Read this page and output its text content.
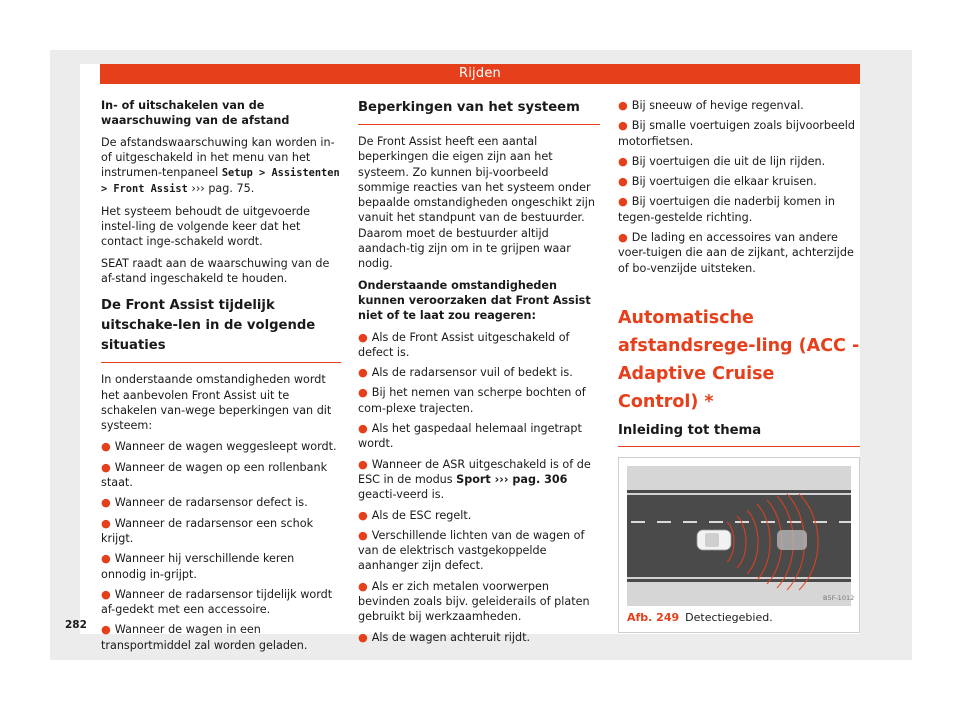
Rijden

In- of uitschakelen van de waarschuwing van de afstand

De afstandswaarschuwing kan worden in- of uitgeschakeld in het menu van het instrumen-tenpaneel Setup > Assistenten > Front Assist ››› pag. 75.

Het systeem behoudt de uitgevoerde instel-ling de volgende keer dat het contact inge-schakeld wordt.

SEAT raadt aan de waarschuwing van de af-stand ingeschakeld te houden.

De Front Assist tijdelijk uitschake-len in de volgende situaties

In onderstaande omstandigheden wordt het aanbevolen Front Assist uit te schakelen van-wege beperkingen van dit systeem:

● Wanneer de wagen weggesleept wordt.
● Wanneer de wagen op een rollenbank staat.
● Wanneer de radarsensor defect is.
● Wanneer de radarsensor een schok krijgt.
● Wanneer hij verschillende keren onnodig in-grijpt.
● Wanneer de radarsensor tijdelijk wordt af-gedekt met een accessoire.
● Wanneer de wagen in een transportmiddel zal worden geladen.
Beperkingen van het systeem

De Front Assist heeft een aantal beperkingen die eigen zijn aan het systeem. Zo kunnen bij-voorbeeld sommige reacties van het systeem onder bepaalde omstandigheden ongeschikt zijn vanuit het standpunt van de bestuurder. Daarom moet de bestuurder altijd aandach-tig zijn om in te grijpen waar nodig.

Onderstaande omstandigheden kunnen veroorzaken dat Front Assist niet of te laat zou reageren:

● Als de Front Assist uitgeschakeld of defect is.
● Als de radarsensor vuil of bedekt is.
● Bij het nemen van scherpe bochten of com-plexe trajecten.
● Als het gaspedaal helemaal ingetrapt wordt.
● Wanneer de ASR uitgeschakeld is of de ESC in de modus Sport ››› pag. 306 geacti-veerd is.
● Als de ESC regelt.
● Verschillende lichten van de wagen of van de elektrisch vastgekoppelde aanhanger zijn defect.
● Als er zich metalen voorwerpen bevinden zoals bijv. geleiderails of platen gebruikt bij werkzaamheden.
● Als de wagen achteruit rijdt.
● Bij sneeuw of hevige regenval.
● Bij smalle voertuigen zoals bijvoorbeeld motorfietsen.
● Bij voertuigen die uit de lijn rijden.
● Bij voertuigen die elkaar kruisen.
● Bij voertuigen die naderbij komen in tegen-gestelde richting.
● De lading en accessoires van andere voer-tuigen die aan de zijkant, achterzijde of bo-venzijde uitsteken.
Automatische afstandsrege-ling (ACC - Adaptive Cruise Control) *
Inleiding tot thema
B5F-1012
Afb. 249 Detectiegebied.
282
